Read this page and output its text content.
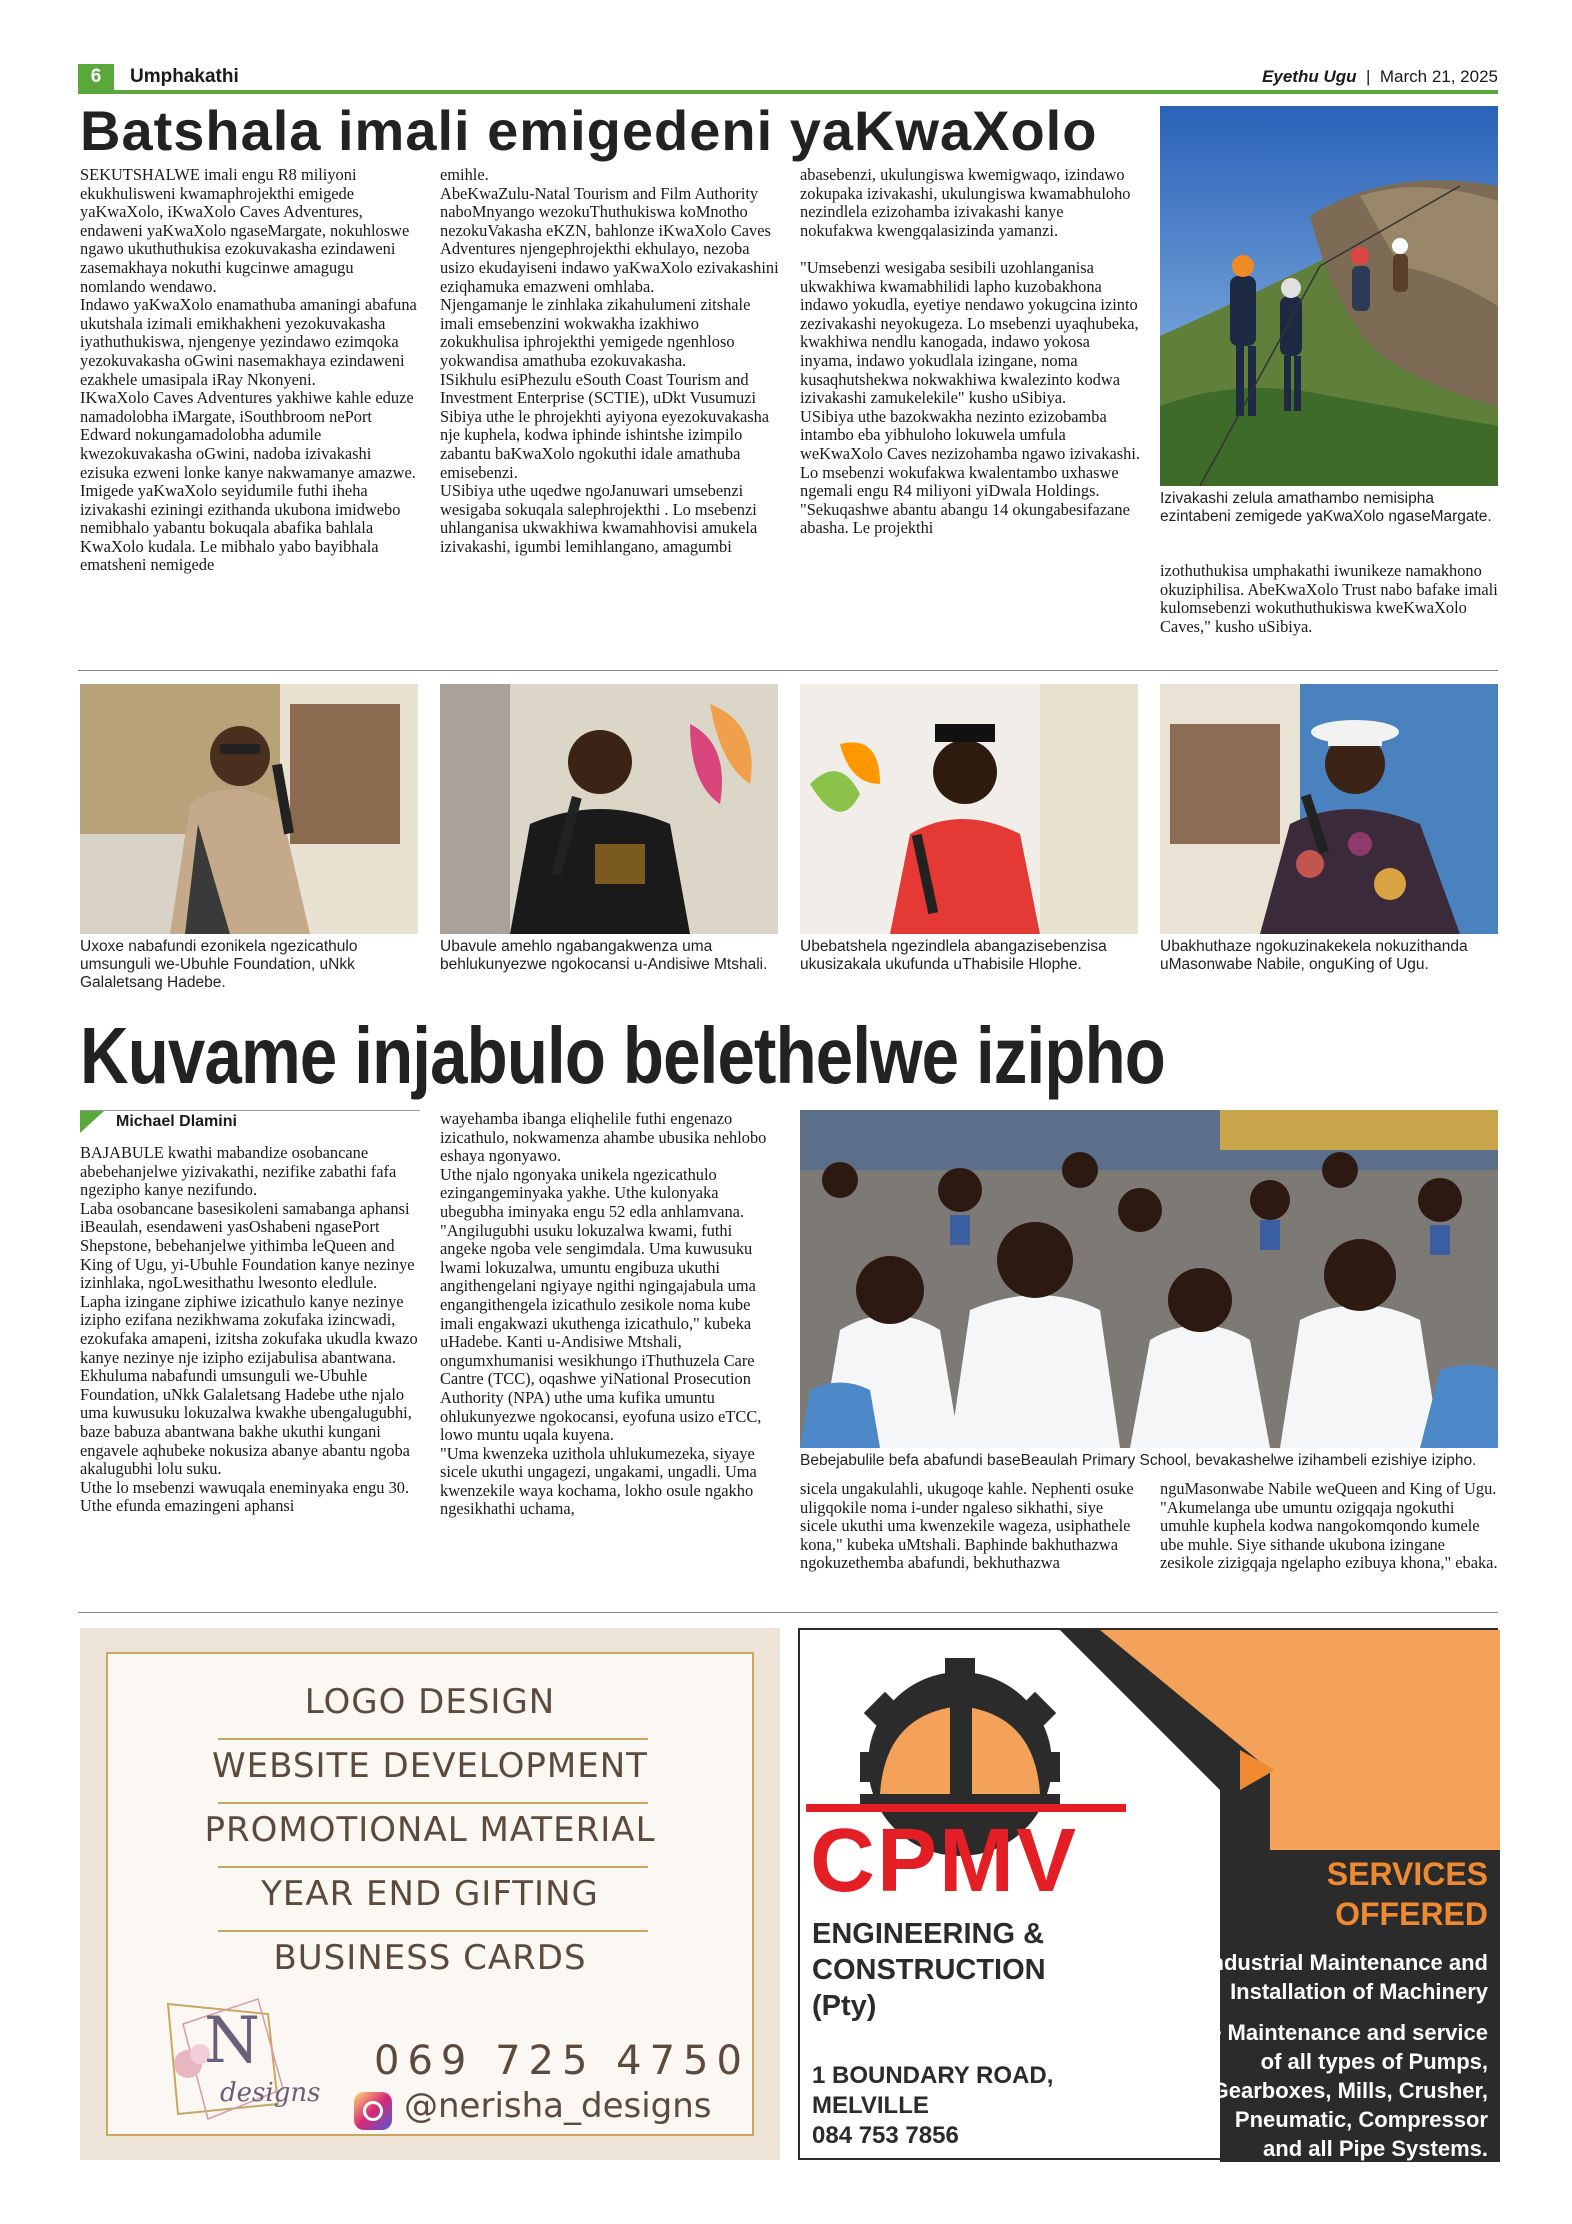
6	Umphakathi	Eyethu Ugu  |  March 21, 2025
Batshala imali emigedeni yaKwaXolo

SEKUTSHALWE imali engu R8 miliyoni ekukhulisweni kwamaphrojekthi emigede yaKwaXolo, iKwaXolo Caves Adventures, endaweni yaKwaXolo ngaseMargate, nokuhloswe ngawo ukuthuthukisa ezokuvakasha ezindaweni zasemakhaya nokuthi kugcinwe amagugu nomlando wendawo.
Indawo yaKwaXolo enamathuba amaningi abafuna ukutshala izimali emikhakheni yezokuvakasha iyathuthukiswa, njengenye yezindawo ezimqoka yezokuvakasha oGwini nasemakhaya ezindaweni ezakhele umasipala iRay Nkonyeni.
IKwaXolo Caves Adventures yakhiwe kahle eduze namadolobha iMargate, iSouthbroom nePort Edward nokungamadolobha adumile kwezokuvakasha oGwini, nadoba izivakashi ezisuka ezweni lonke kanye nakwamanye amazwe.
Imigede yaKwaXolo seyidumile futhi iheha izivakashi eziningi ezithanda ukubona imidwebo nemibhalo yabantu bokuqala abafika bahlala KwaXolo kudala. Le mibhalo yabo bayibhala ematsheni nemigede

emihle.
AbeKwaZulu-Natal Tourism and Film Authority naboMnyango wezokuThuthukiswa koMnotho nezokuVakasha eKZN, bahlonze iKwaXolo Caves Adventures njengephrojekthi ekhulayo, nezoba usizo ekudayiseni indawo yaKwaXolo ezivakashini eziqhamuka emazweni omhlaba.
Njengamanje le zinhlaka zikahulumeni zitshale imali emsebenzini wokwakha izakhiwo zokukhulisa iphrojekthi yemigede ngenhloso yokwandisa amathuba ezokuvakasha.
ISikhulu esiPhezulu eSouth Coast Tourism and Investment Enterprise (SCTIE), uDkt Vusumuzi Sibiya uthe le phrojekhti ayiyona eyezokuvakasha nje kuphela, kodwa iphinde ishintshe izimpilo zabantu baKwaXolo ngokuthi idale amathuba emisebenzi.
USibiya uthe uqedwe ngoJanuwari umsebenzi wesigaba sokuqala salephrojekthi . Lo msebenzi uhlanganisa ukwakhiwa kwamahhovisi amukela izivakashi, igumbi lemihlangano, amagumbi

abasebenzi, ukulungiswa kwemigwaqo, izindawo zokupaka izivakashi, ukulungiswa kwamabhuloho nezindlela ezizohamba izivakashi kanye nokufakwa kwengqalasizinda yamanzi.

"Umsebenzi wesigaba sesibili uzohlanganisa ukwakhiwa kwamabhilidi lapho kuzobakhona indawo yokudla, eyetiye nendawo yokugcina izinto zezivakashi neyokugeza. Lo msebenzi uyaqhubeka, kwakhiwa nendlu kanogada, indawo yokosa inyama, indawo yokudlala izingane, noma kusaqhutshekwa nokwakhiwa kwalezinto kodwa izivakashi zamukelekile" kusho uSibiya.
USibiya uthe bazokwakha nezinto ezizobamba intambo eba yibhuloho lokuwela umfula weKwaXolo Caves nezizohamba ngawo izivakashi. Lo msebenzi wokufakwa kwalentambo uxhaswe ngemali engu R4 miliyoni yiDwala Holdings.
"Sekuqashwe abantu abangu 14 okungabesifazane abasha. Le projekthi

Izivakashi zelula amathambo nemisipha ezintabeni zemigede yaKwaXolo ngaseMargate.

izothuthukisa umphakathi iwunikeze namakhono okuziphilisa. AbeKwaXolo Trust nabo bafake imali kulomsebenzi wokuthuthukiswa kweKwaXolo Caves," kusho uSibiya.

Uxoxe nabafundi ezonikela ngezicathulo umsunguli we-Ubuhle Foundation, uNkk Galaletsang Hadebe.
Ubavule amehlo ngabangakwenza uma behlukunyezwe ngokocansi u-Andisiwe Mtshali.
Ubebatshela ngezindlela abangazisebenzisa ukusizakala ukufunda uThabisile Hlophe.
Ubakhuthaze ngokuzinakekela nokuzithanda uMasonwabe Nabile, onguKing of Ugu.
Kuvame injabulo belethelwe izipho
Michael Dlamini

BAJABULE kwathi mabandize osobancane abebehanjelwe yizivakathi, nezifike zabathi fafa ngezipho kanye nezifundo.
Laba osobancane basesikoleni samabanga aphansi iBeaulah, esendaweni yasOshabeni ngasePort Shepstone, bebehanjelwe yithimba leQueen and King of Ugu, yi-Ubuhle Foundation kanye nezinye izinhlaka, ngoLwesithathu lwesonto eledlule.
Lapha izingane ziphiwe izicathulo kanye nezinye izipho ezifana nezikhwama zokufaka izincwadi, ezokufaka amapeni, izitsha zokufaka ukudla kwazo kanye nezinye nje izipho ezijabulisa abantwana.
Ekhuluma nabafundi umsunguli we-Ubuhle Foundation, uNkk Galaletsang Hadebe uthe njalo uma kuwusuku lokuzalwa kwakhe ubengalugubhi, baze babuza abantwana bakhe ukuthi kungani engavele aqhubeke nokusiza abanye abantu ngoba akalugubhi lolu suku.
Uthe lo msebenzi wawuqala eneminyaka engu 30. Uthe efunda emazingeni aphansi

wayehamba ibanga eliqhelile futhi engenazo izicathulo, nokwamenza ahambe ubusika nehlobo eshaya ngonyawo.
Uthe njalo ngonyaka unikela ngezicathulo ezingangeminyaka yakhe. Uthe kulonyaka ubegubha iminyaka engu 52 edla anhlamvana.
"Angilugubhi usuku lokuzalwa kwami, futhi angeke ngoba vele sengimdala. Uma kuwusuku lwami lokuzalwa, umuntu engibuza ukuthi angithengelani ngiyaye ngithi ngingajabula uma engangithengela izicathulo zesikole noma kube imali engakwazi ukuthenga izicathulo," kubeka uHadebe. Kanti u-Andisiwe Mtshali, ongumxhumanisi wesikhungo iThuthuzela Care Cantre (TCC), oqashwe yiNational Prosecution Authority (NPA) uthe uma kufika umuntu ohlukunyezwe ngokocansi, eyofuna usizo eTCC, lowo muntu uqala kuyena.
"Uma kwenzeka uzithola uhlukumezeka, siyaye sicele ukuthi ungagezi, ungakami, ungadli. Uma kwenzekile waya kochama, lokho osule ngakho ngesikhathi uchama,

Bebejabulile befa abafundi baseBeaulah Primary School, bevakashelwe izihambeli ezishiye izipho.

sicela ungakulahli, ukugoqe kahle. Nephenti osuke uligqokile noma i-under ngaleso sikhathi, siye sicele ukuthi uma kwenzekile wageza, usiphathele kona," kubeka uMtshali. Baphinde bakhuthazwa ngokuzethemba abafundi, bekhuthazwa

nguMasonwabe Nabile weQueen and King of Ugu. "Akumelanga ube umuntu ozigqaja ngokuthi umuhle kuphela kodwa nangokomqondo kumele ube muhle. Siye sithande ukubona izingane zesikole zizigqaja ngelapho ezibuya khona," ebaka.

LOGO DESIGN
WEBSITE DEVELOPMENT
PROMOTIONAL MATERIAL
YEAR END GIFTING
BUSINESS CARDS
N
designs
069 725 4750
@nerisha_designs
CPMV
ENGINEERING &
CONSTRUCTION
(Pty)
1 BOUNDARY ROAD,
MELVILLE
084 753 7856
SERVICES
OFFERED
• Industrial Maintenance and
Installation of Machinery
• Maintenance and service
of all types of Pumps,
Gearboxes, Mills, Crusher,
Pneumatic, Compressor
and all Pipe Systems.
• Steel Fabrication & Installation
